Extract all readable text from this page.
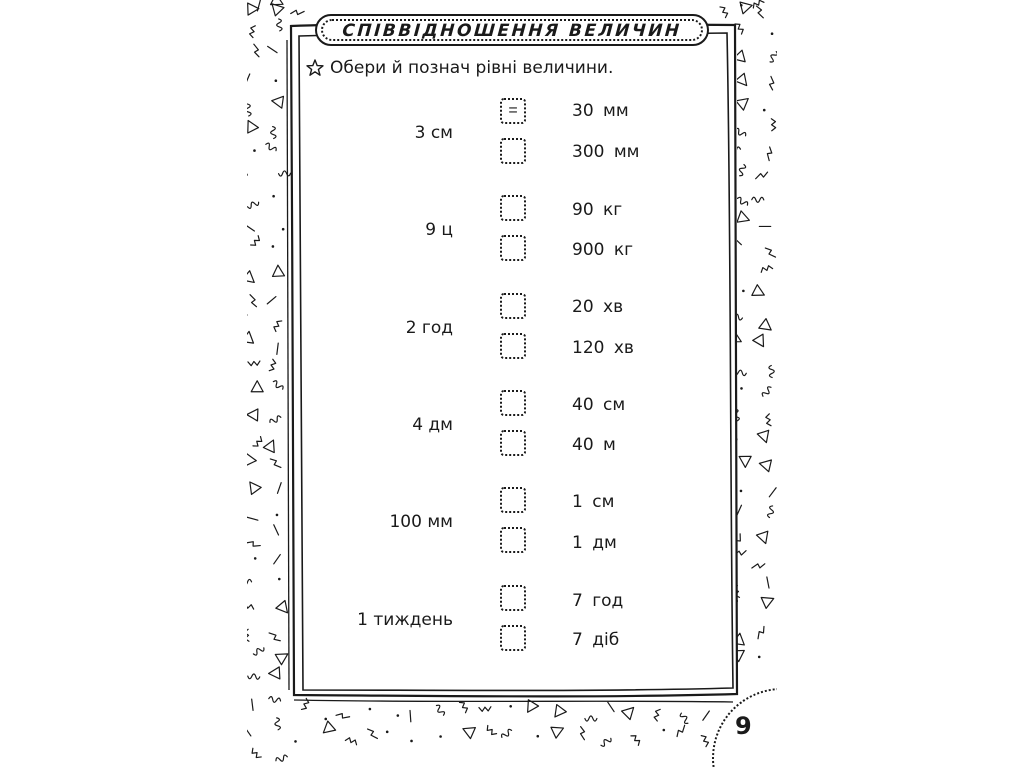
СПІВВІДНОШЕННЯ ВЕЛИЧИН
Обери й познач рівні величини.
3 см
=	30 мм
300 мм
9 ц
90 кг
900 кг
2 год
20 хв
120 хв
4 дм
40 см
40 м
100 мм
1 см
1 дм
1 тиждень
7 год
7 діб
9
